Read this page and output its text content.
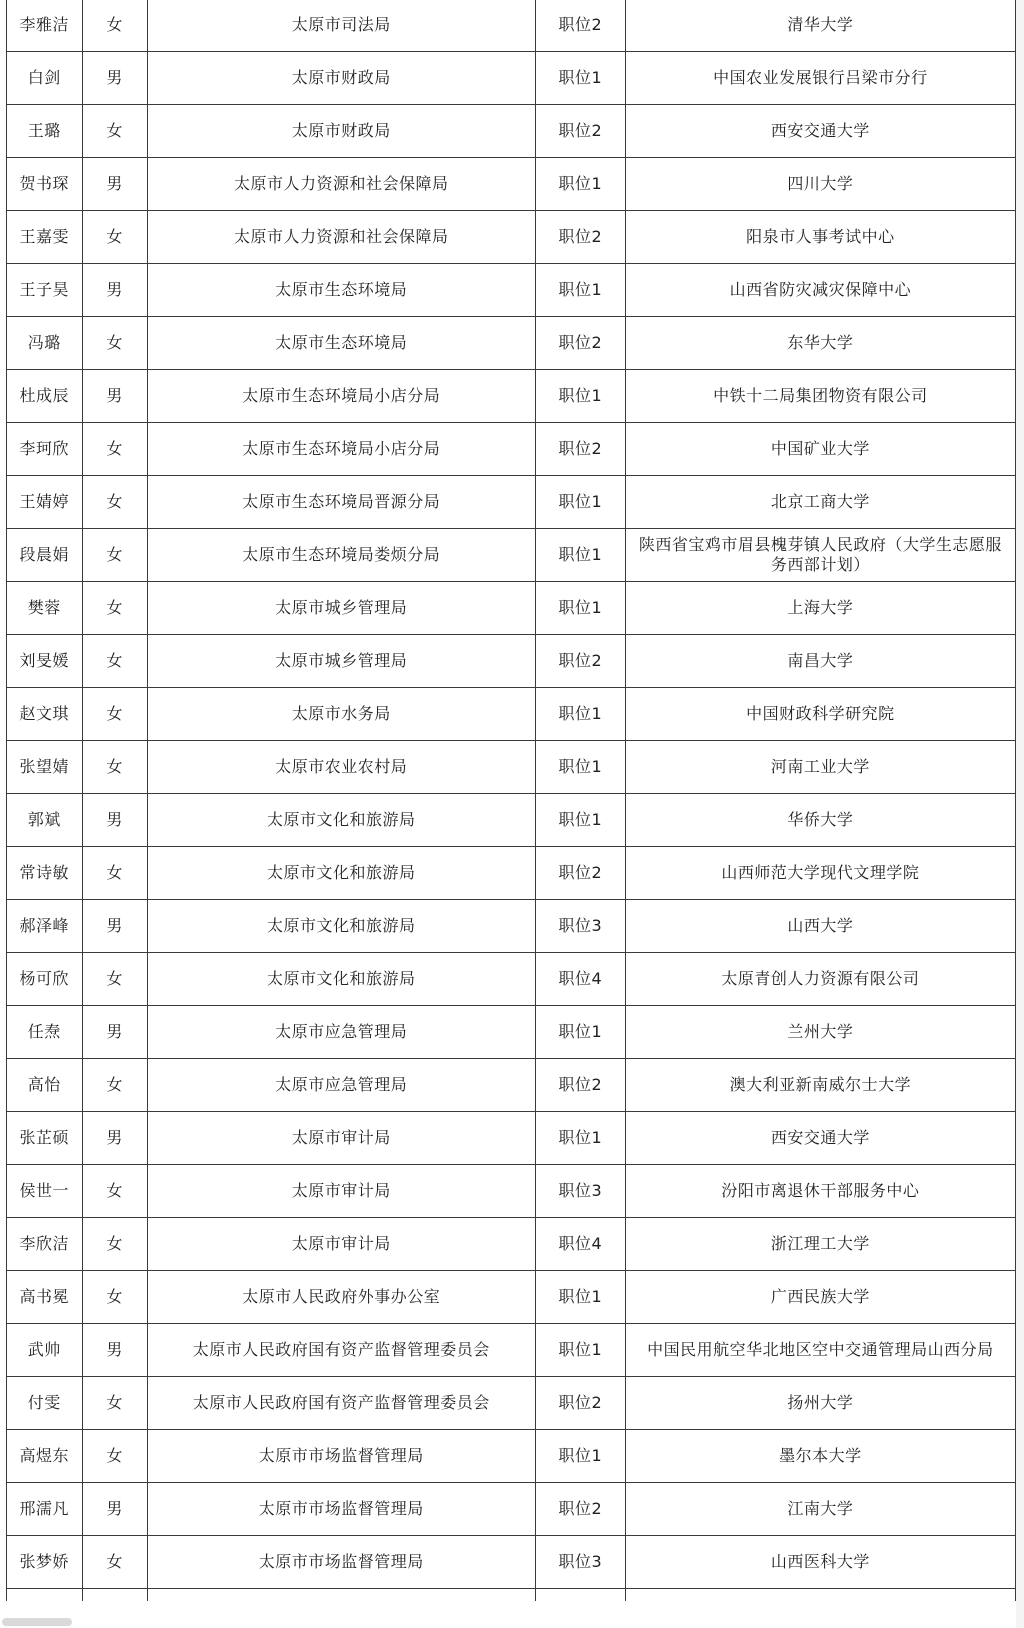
李雅洁	女	太原市司法局	职位2	清华大学
白剑	男	太原市财政局	职位1	中国农业发展银行吕梁市分行
王璐	女	太原市财政局	职位2	西安交通大学
贺书琛	男	太原市人力资源和社会保障局	职位1	四川大学
王嘉雯	女	太原市人力资源和社会保障局	职位2	阳泉市人事考试中心
王子昊	男	太原市生态环境局	职位1	山西省防灾减灾保障中心
冯璐	女	太原市生态环境局	职位2	东华大学
杜成辰	男	太原市生态环境局小店分局	职位1	中铁十二局集团物资有限公司
李珂欣	女	太原市生态环境局小店分局	职位2	中国矿业大学
王婧婷	女	太原市生态环境局晋源分局	职位1	北京工商大学
段晨娟	女	太原市生态环境局娄烦分局	职位1	陕西省宝鸡市眉县槐芽镇人民政府（大学生志愿服务西部计划）
樊蓉	女	太原市城乡管理局	职位1	上海大学
刘旻媛	女	太原市城乡管理局	职位2	南昌大学
赵文琪	女	太原市水务局	职位1	中国财政科学研究院
张望婧	女	太原市农业农村局	职位1	河南工业大学
郭斌	男	太原市文化和旅游局	职位1	华侨大学
常诗敏	女	太原市文化和旅游局	职位2	山西师范大学现代文理学院
郝泽峰	男	太原市文化和旅游局	职位3	山西大学
杨可欣	女	太原市文化和旅游局	职位4	太原青创人力资源有限公司
任焘	男	太原市应急管理局	职位1	兰州大学
高怡	女	太原市应急管理局	职位2	澳大利亚新南威尔士大学
张芷硕	男	太原市审计局	职位1	西安交通大学
侯世一	女	太原市审计局	职位3	汾阳市离退休干部服务中心
李欣洁	女	太原市审计局	职位4	浙江理工大学
高书冕	女	太原市人民政府外事办公室	职位1	广西民族大学
武帅	男	太原市人民政府国有资产监督管理委员会	职位1	中国民用航空华北地区空中交通管理局山西分局
付雯	女	太原市人民政府国有资产监督管理委员会	职位2	扬州大学
高煜东	女	太原市市场监督管理局	职位1	墨尔本大学
邢濡凡	男	太原市市场监督管理局	职位2	江南大学
张梦娇	女	太原市市场监督管理局	职位3	山西医科大学
